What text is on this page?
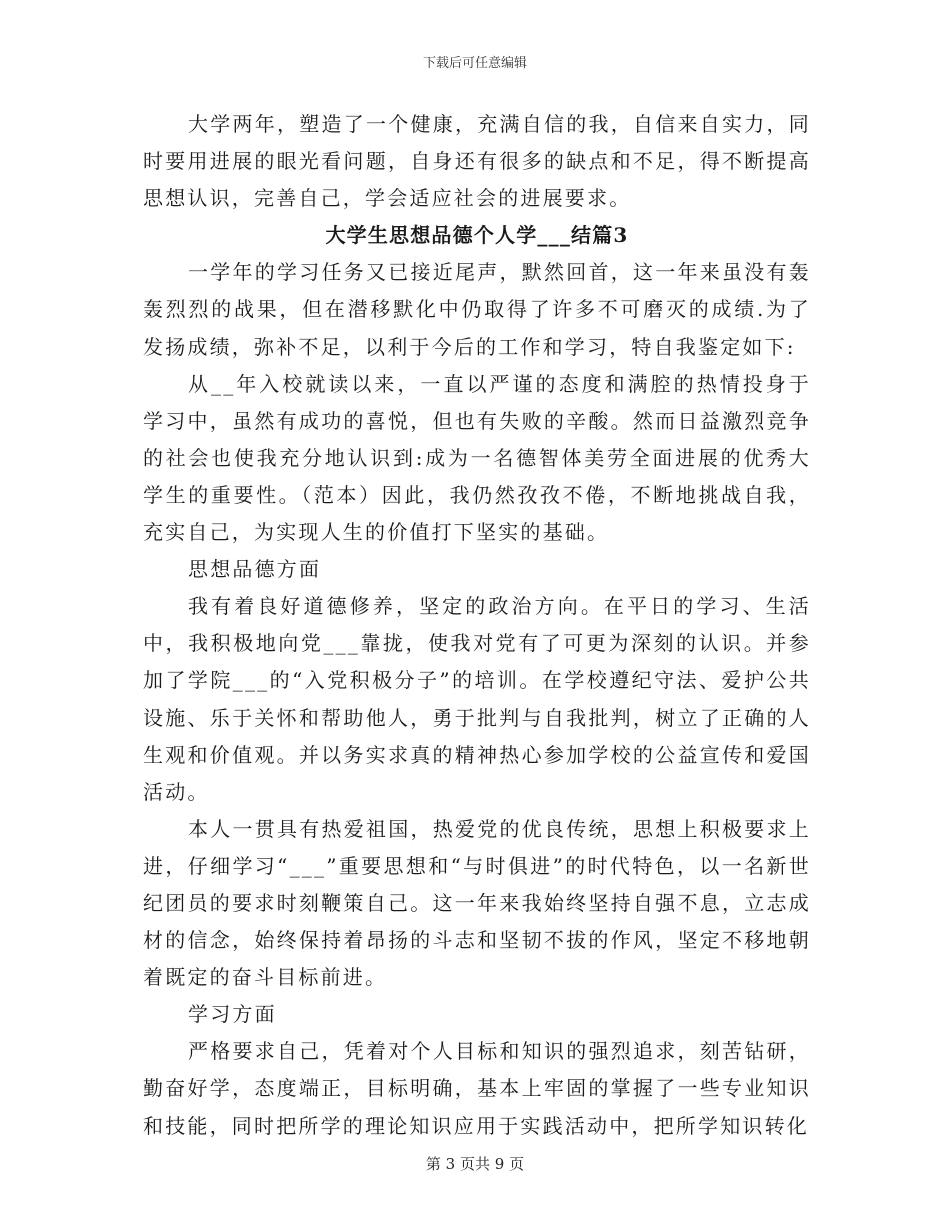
下载后可任意编辑

大学两年，塑造了一个健康，充满自信的我，自信来自实力，同时要用进展的眼光看问题，自身还有很多的缺点和不足，得不断提高思想认识，完善自己，学会适应社会的进展要求。

大学生思想品德个人学___结篇3

一学年的学习任务又已接近尾声，默然回首，这一年来虽没有轰轰烈烈的战果，但在潜移默化中仍取得了许多不可磨灭的成绩.为了发扬成绩，弥补不足，以利于今后的工作和学习，特自我鉴定如下:

从__年入校就读以来，一直以严谨的态度和满腔的热情投身于学习中，虽然有成功的喜悦，但也有失败的辛酸。然而日益激烈竞争的社会也使我充分地认识到:成为一名德智体美劳全面进展的优秀大学生的重要性。（范本）因此，我仍然孜孜不倦，不断地挑战自我，充实自己，为实现人生的价值打下坚实的基础。

思想品德方面

我有着良好道德修养，坚定的政治方向。在平日的学习、生活中，我积极地向党___靠拢，使我对党有了可更为深刻的认识。并参加了学院___的“入党积极分子”的培训。在学校遵纪守法、爱护公共设施、乐于关怀和帮助他人，勇于批判与自我批判，树立了正确的人生观和价值观。并以务实求真的精神热心参加学校的公益宣传和爱国活动。

本人一贯具有热爱祖国，热爱党的优良传统，思想上积极要求上进，仔细学习“___”重要思想和“与时俱进”的时代特色，以一名新世纪团员的要求时刻鞭策自己。这一年来我始终坚持自强不息，立志成材的信念，始终保持着昂扬的斗志和坚韧不拔的作风，坚定不移地朝着既定的奋斗目标前进。

学习方面

严格要求自己，凭着对个人目标和知识的强烈追求，刻苦钻研，勤奋好学，态度端正，目标明确，基本上牢固的掌握了一些专业知识和技能，同时把所学的理论知识应用于实践活动中，把所学知识转化

第 3 页共 9 页
